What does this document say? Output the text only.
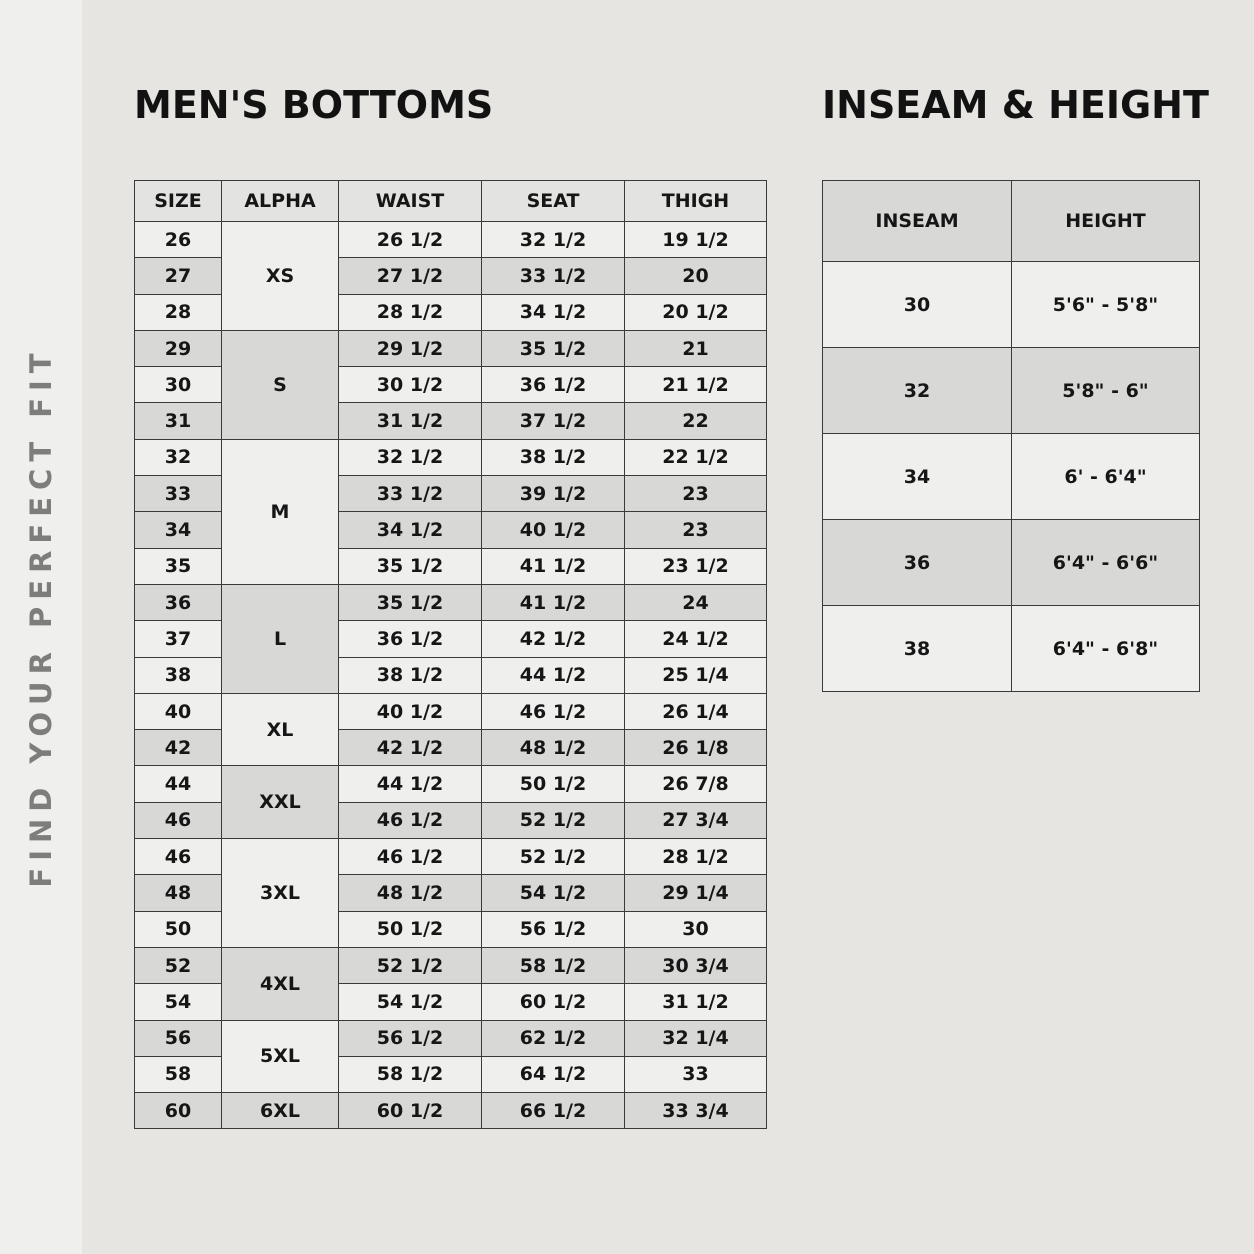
FIND YOUR PERFECT FIT
MEN'S BOTTOMS	INSEAM & HEIGHT
SIZE	ALPHA	WAIST	SEAT	THIGH
26	XS	26 1/2	32 1/2	19 1/2
27		27 1/2	33 1/2	20
28		28 1/2	34 1/2	20 1/2
29	S	29 1/2	35 1/2	21
30		30 1/2	36 1/2	21 1/2
31		31 1/2	37 1/2	22
32	M	32 1/2	38 1/2	22 1/2
33		33 1/2	39 1/2	23
34		34 1/2	40 1/2	23
35		35 1/2	41 1/2	23 1/2
36	L	35 1/2	41 1/2	24
37		36 1/2	42 1/2	24 1/2
38		38 1/2	44 1/2	25 1/4
40	XL	40 1/2	46 1/2	26 1/4
42		42 1/2	48 1/2	26 1/8
44	XXL	44 1/2	50 1/2	26 7/8
46		46 1/2	52 1/2	27 3/4
46	3XL	46 1/2	52 1/2	28 1/2
48		48 1/2	54 1/2	29 1/4
50		50 1/2	56 1/2	30
52	4XL	52 1/2	58 1/2	30 3/4
54		54 1/2	60 1/2	31 1/2
56	5XL	56 1/2	62 1/2	32 1/4
58		58 1/2	64 1/2	33
60	6XL	60 1/2	66 1/2	33 3/4
INSEAM	HEIGHT
30	5'6" - 5'8"
32	5'8" - 6"
34	6' - 6'4"
36	6'4" - 6'6"
38	6'4" - 6'8"
